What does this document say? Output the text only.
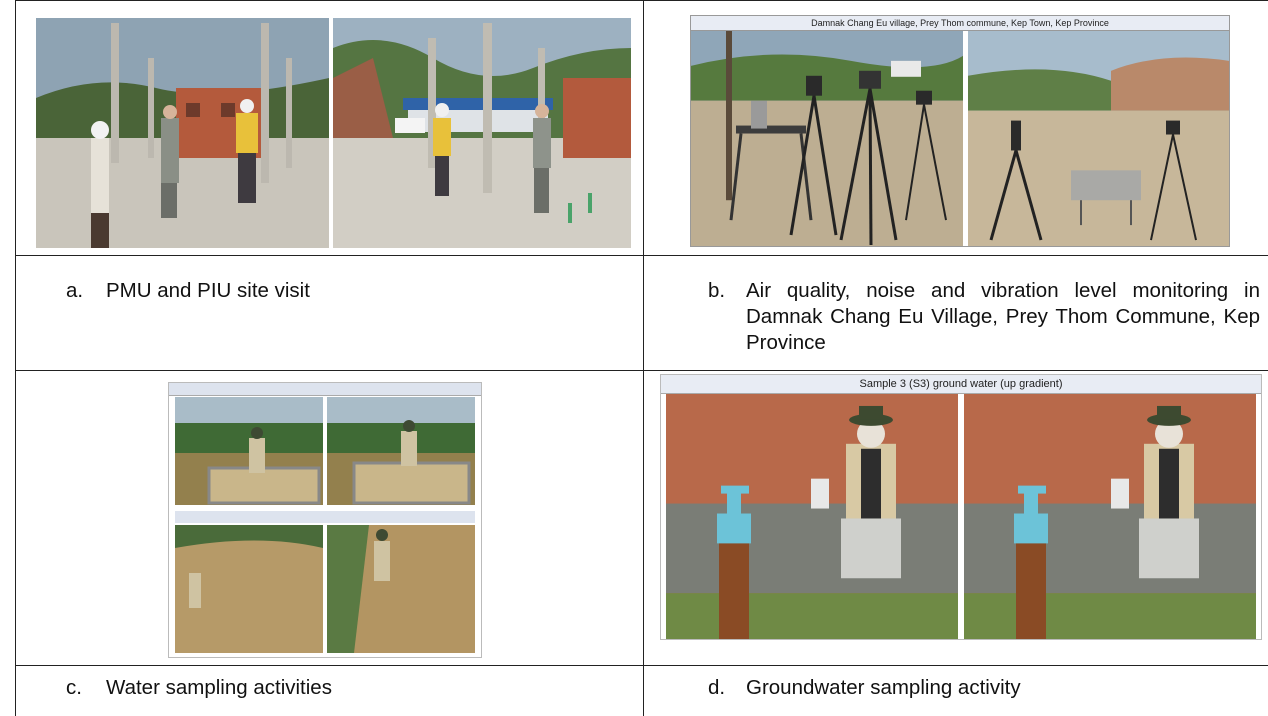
Damnak Chang Eu village, Prey Thom commune, Kep Town, Kep Province
a. PMU and PIU site visit	b. Air quality, noise and vibration level monitoring in Damnak Chang Eu Village, Prey Thom Commune, Kep Province
Sample 3 (S3) ground water (up gradient)
c. Water sampling activities	d. Groundwater sampling activity
